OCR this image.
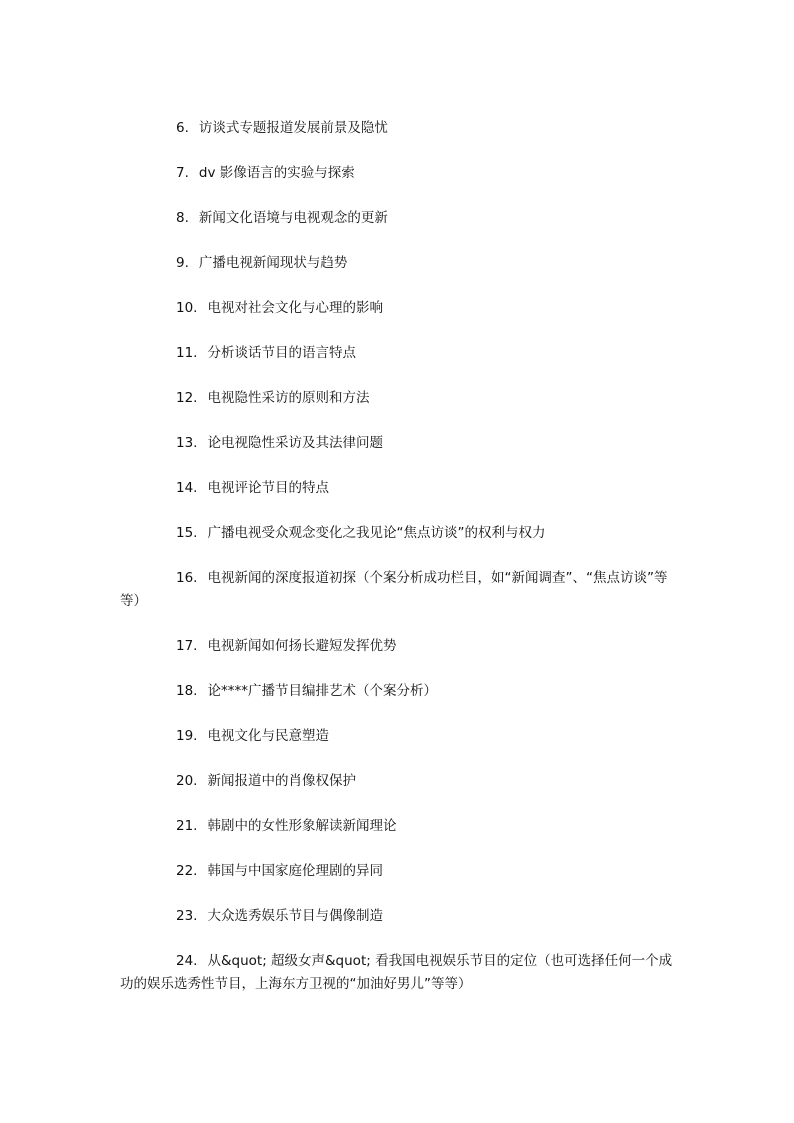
6. 访谈式专题报道发展前景及隐忧

7. dv 影像语言的实验与探索

8. 新闻文化语境与电视观念的更新

9. 广播电视新闻现状与趋势

10. 电视对社会文化与心理的影响

11. 分析谈话节目的语言特点

12. 电视隐性采访的原则和方法

13. 论电视隐性采访及其法律问题

14. 电视评论节目的特点

15. 广播电视受众观念变化之我见论“焦点访谈”的权利与权力

16. 电视新闻的深度报道初探（个案分析成功栏目，如“新闻调查”、“焦点访谈”等等）

17. 电视新闻如何扬长避短发挥优势

18. 论****广播节目编排艺术（个案分析）

19. 电视文化与民意塑造

20. 新闻报道中的肖像权保护

21. 韩剧中的女性形象解读新闻理论

22. 韩国与中国家庭伦理剧的异同

23. 大众选秀娱乐节目与偶像制造

24. 从&quot; 超级女声&quot; 看我国电视娱乐节目的定位（也可选择任何一个成功的娱乐选秀性节目，上海东方卫视的“加油好男儿”等等）
